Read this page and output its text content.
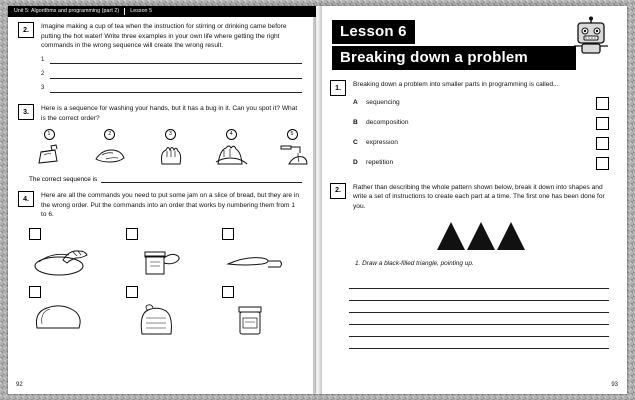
Unit 5: Algorithms and programming (part 2) Lesson 5
2.	Imagine making a cup of tea when the instruction for stirring or drinking came before putting the hot water! Write three examples in your own life where getting the right commands in the wrong sequence will create the wrong result.

1
2
3
3.	Here is a sequence for washing your hands, but it has a bug in it. Can you spot it? What is the correct order?

1	2	3	4	5
The correct sequence is
4.	Here are all the commands you need to put some jam on a slice of bread, but they are in the wrong order. Put the commands into an order that works by numbering them from 1 to 6.

92
Lesson 6
Breaking down a problem
1.	Breaking down a problem into smaller parts in programming is called...

A	sequencing
B	decomposition
C	expression
D	repetition
2.	Rather than describing the whole pattern shown below, break it down into shapes and write a set of instructions to create each part at a time. The first one has been done for you.

1. Draw a black-filled triangle, pointing up.
93
